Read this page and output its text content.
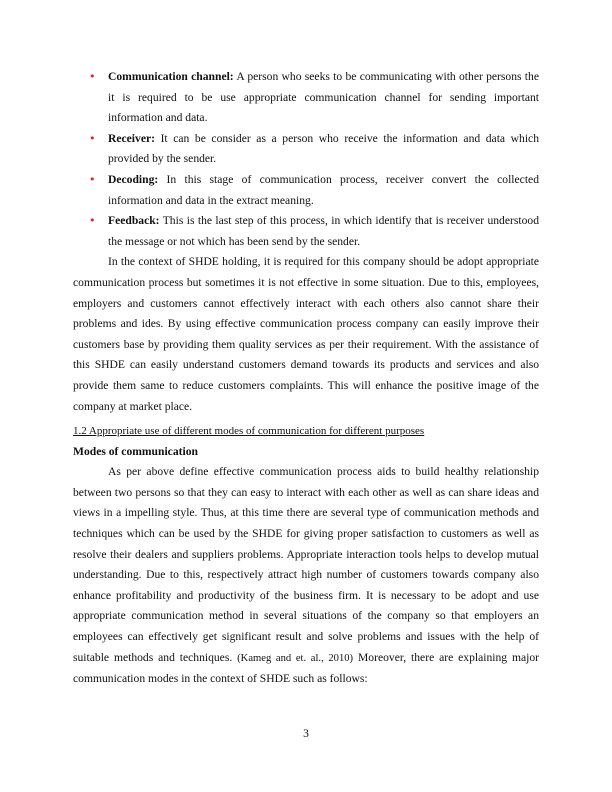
• Communication channel: A person who seeks to be communicating with other persons the it is required to be use appropriate communication channel for sending important information and data.
• Receiver: It can be consider as a person who receive the information and data which provided by the sender.
• Decoding: In this stage of communication process, receiver convert the collected information and data in the extract meaning.
• Feedback: This is the last step of this process, in which identify that is receiver understood the message or not which has been send by the sender.

In the context of SHDE holding, it is required for this company should be adopt appropriate communication process but sometimes it is not effective in some situation. Due to this, employees, employers and customers cannot effectively interact with each others also cannot share their problems and ides. By using effective communication process company can easily improve their customers base by providing them quality services as per their requirement. With the assistance of this SHDE can easily understand customers demand towards its products and services and also provide them same to reduce customers complaints. This will enhance the positive image of the company at market place.

1.2 Appropriate use of different modes of communication for different purposes

Modes of communication

As per above define effective communication process aids to build healthy relationship between two persons so that they can easy to interact with each other as well as can share ideas and views in a impelling style. Thus, at this time there are several type of communication methods and techniques which can be used by the SHDE for giving proper satisfaction to customers as well as resolve their dealers and suppliers problems. Appropriate interaction tools helps to develop mutual understanding. Due to this, respectively attract high number of customers towards company also enhance profitability and productivity of the business firm. It is necessary to be adopt and use appropriate communication method in several situations of the company so that employers an employees can effectively get significant result and solve problems and issues with the help of suitable methods and techniques. (Kameg and et. al., 2010) Moreover, there are explaining major communication modes in the context of SHDE such as follows:

3
